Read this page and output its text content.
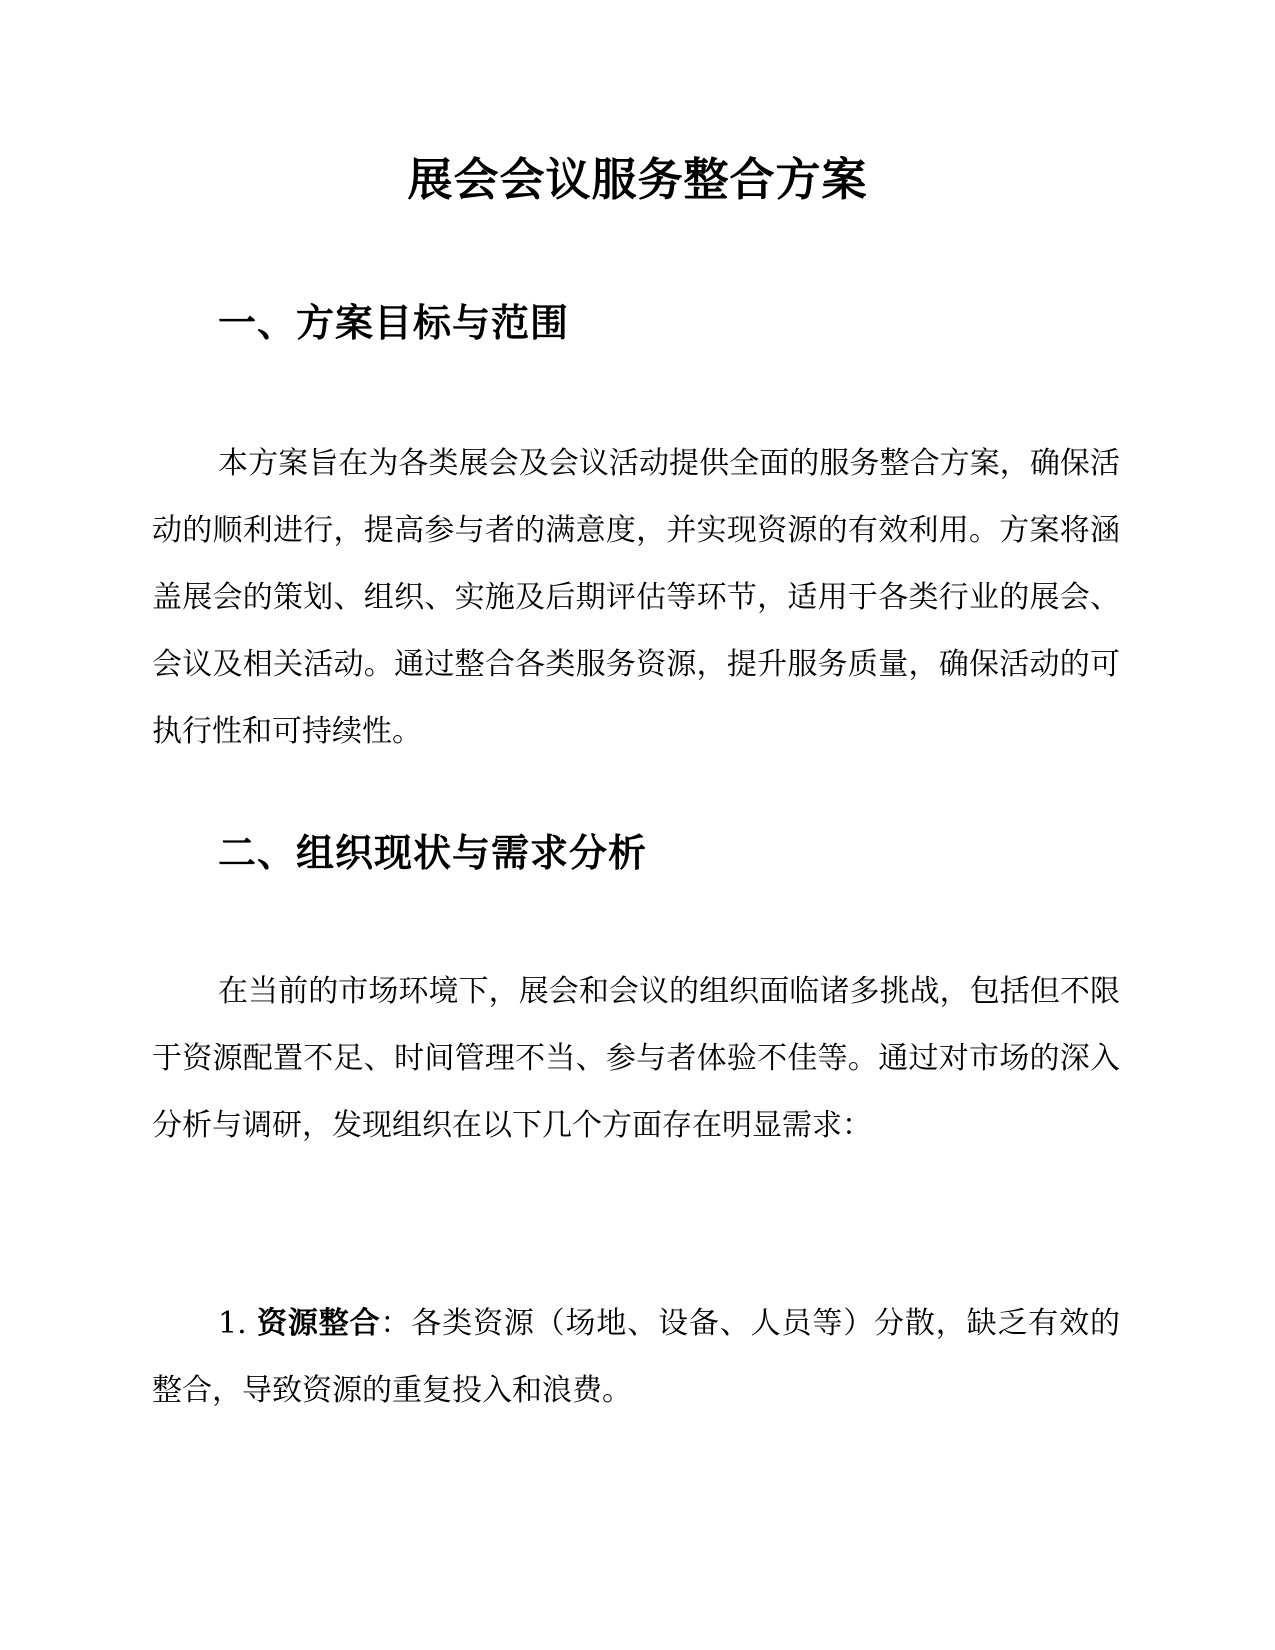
展会会议服务整合方案
一、方案目标与范围
本方案旨在为各类展会及会议活动提供全面的服务整合方案，确保活动的顺利进行，提高参与者的满意度，并实现资源的有效利用。方案将涵盖展会的策划、组织、实施及后期评估等环节，适用于各类行业的展会、会议及相关活动。通过整合各类服务资源，提升服务质量，确保活动的可执行性和可持续性。
二、组织现状与需求分析
在当前的市场环境下，展会和会议的组织面临诸多挑战，包括但不限于资源配置不足、时间管理不当、参与者体验不佳等。通过对市场的深入分析与调研，发现组织在以下几个方面存在明显需求：
1. 资源整合：各类资源（场地、设备、人员等）分散，缺乏有效的整合，导致资源的重复投入和浪费。
